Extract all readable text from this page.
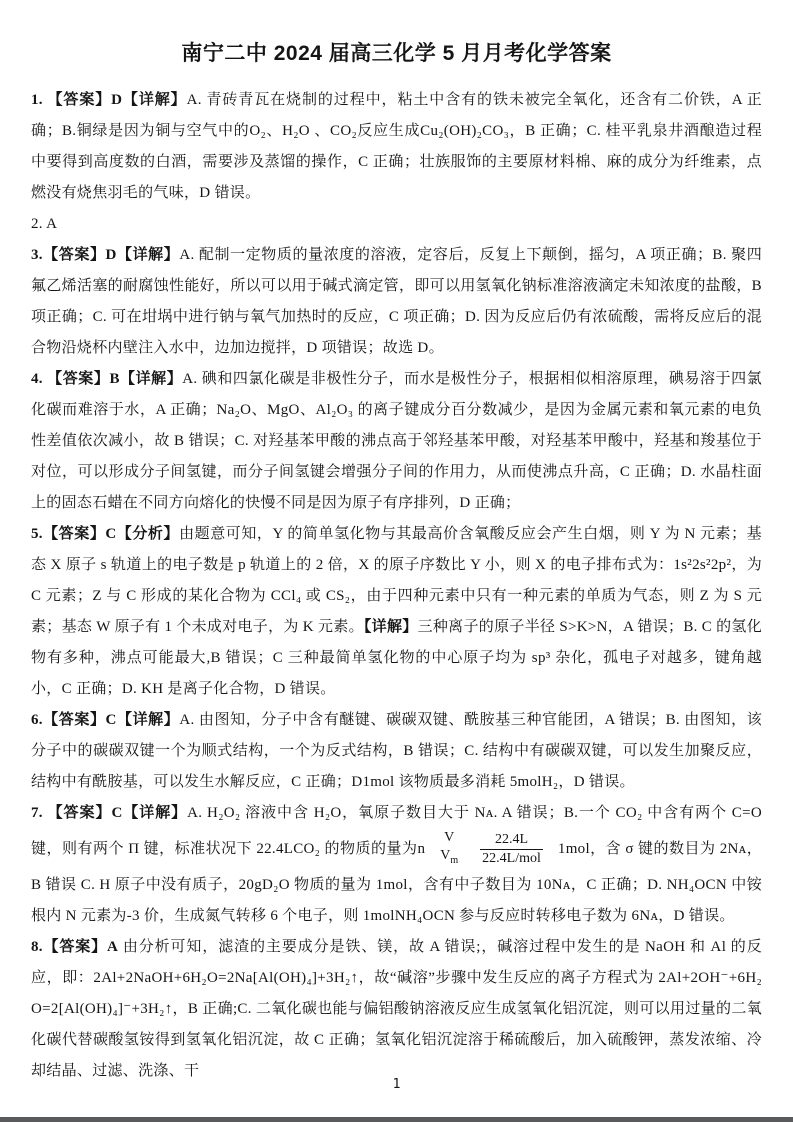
南宁二中 2024 届高三化学 5 月月考化学答案

1. 【答案】D【详解】A. 青砖青瓦在烧制的过程中，粘土中含有的铁未被完全氧化，还含有二价铁，A 正确；B.铜绿是因为铜与空气中的O₂、H₂O 、CO₂反应生成Cu₂(OH)₂CO₃，B 正确；C. 桂平乳泉井酒酿造过程中要得到高度数的白酒，需要涉及蒸馏的操作，C 正确；壮族服饰的主要原材料棉、麻的成分为纤维素，点燃没有烧焦羽毛的气味，D 错误。

2. A

3.【答案】D【详解】A. 配制一定物质的量浓度的溶液，定容后，反复上下颠倒，摇匀，A 项正确；B. 聚四氟乙烯活塞的耐腐蚀性能好，所以可以用于碱式滴定管，即可以用氢氧化钠标准溶液滴定未知浓度的盐酸，B 项正确；C. 可在坩埚中进行钠与氧气加热时的反应，C 项正确；D. 因为反应后仍有浓硫酸，需将反应后的混合物沿烧杯内壁注入水中，边加边搅拌，D 项错误；故选 D。

4. 【答案】B【详解】A. 碘和四氯化碳是非极性分子，而水是极性分子，根据相似相溶原理，碘易溶于四氯化碳而难溶于水，A 正确；Na₂O、MgO、Al₂O₃ 的离子键成分百分数减少，是因为金属元素和氧元素的电负性差值依次减小，故 B 错误；C. 对羟基苯甲酸的沸点高于邻羟基苯甲酸，对羟基苯甲酸中，羟基和羧基位于对位，可以形成分子间氢键，而分子间氢键会增强分子间的作用力，从而使沸点升高，C 正确；D. 水晶柱面上的固态石蜡在不同方向熔化的快慢不同是因为原子有序排列，D 正确；

5.【答案】C【分析】由题意可知，Y 的简单氢化物与其最高价含氧酸反应会产生白烟，则 Y 为 N 元素；基态 X 原子 s 轨道上的电子数是 p 轨道上的 2 倍，X 的原子序数比 Y 小，则 X 的电子排布式为：1s²2s²2p²，为 C 元素；Z 与 C 形成的某化合物为 CCl₄ 或 CS₂，由于四种元素中只有一种元素的单质为气态，则 Z 为 S 元素；基态 W 原子有 1 个未成对电子，为 K 元素。【详解】三种离子的原子半径 S>K>N，A 错误；B. C 的氢化物有多种，沸点可能最大,B 错误；C 三种最简单氢化物的中心原子均为 sp³ 杂化，孤电子对越多，键角越小，C 正确；D. KH 是离子化合物，D 错误。

6.【答案】C【详解】A. 由图知，分子中含有醚键、碳碳双键、酰胺基三种官能团，A 错误；B. 由图知，该分子中的碳碳双键一个为顺式结构，一个为反式结构，B 错误；C. 结构中有碳碳双键，可以发生加聚反应，结构中有酰胺基，可以发生水解反应，C 正确；D1mol 该物质最多消耗 5molH₂，D 错误。

7. 【答案】C【详解】A. H₂O₂ 溶液中含 H₂O，氧原子数目大于 Nᴀ. A 错误；B.一个 CO₂ 中含有两个 C=O 键，则有两个 Π 键，标准状况下 22.4LCO₂ 的物质的量为n
V
$V_m \frac{22.4L}{\text{22.4L/mol}} 1mol$，含 σ 键的数目为 2Nᴀ，B 错误 C. H 原子中没有质子，20gD₂O 物质的量为 1mol，含有中子数目为 10Nᴀ，C 正确；D. NH₄OCN 中铵根内 N 元素为-3 价，生成氮气转移 6 个电子，则 1molNH₄OCN 参与反应时转移电子数为 6Nᴀ，D 错误。

8.【答案】A 由分析可知，滤渣的主要成分是铁、镁，故 A 错误;，碱溶过程中发生的是 NaOH 和 Al 的反应，即：2Al+2NaOH+6H₂O=2Na[Al(OH)₄]+3H₂↑，故“碱溶”步骤中发生反应的离子方程式为 2Al+2OH⁻+6H₂O=2[Al(OH)₄]⁻+3H₂↑，B 正确;C. 二氧化碳也能与偏铝酸钠溶液反应生成氢氧化铝沉淀，则可以用过量的二氧化碳代替碳酸氢铵得到氢氧化铝沉淀，故 C 正确；氢氧化铝沉淀溶于稀硫酸后，加入硫酸钾，蒸发浓缩、冷却结晶、过滤、洗涤、干

1
